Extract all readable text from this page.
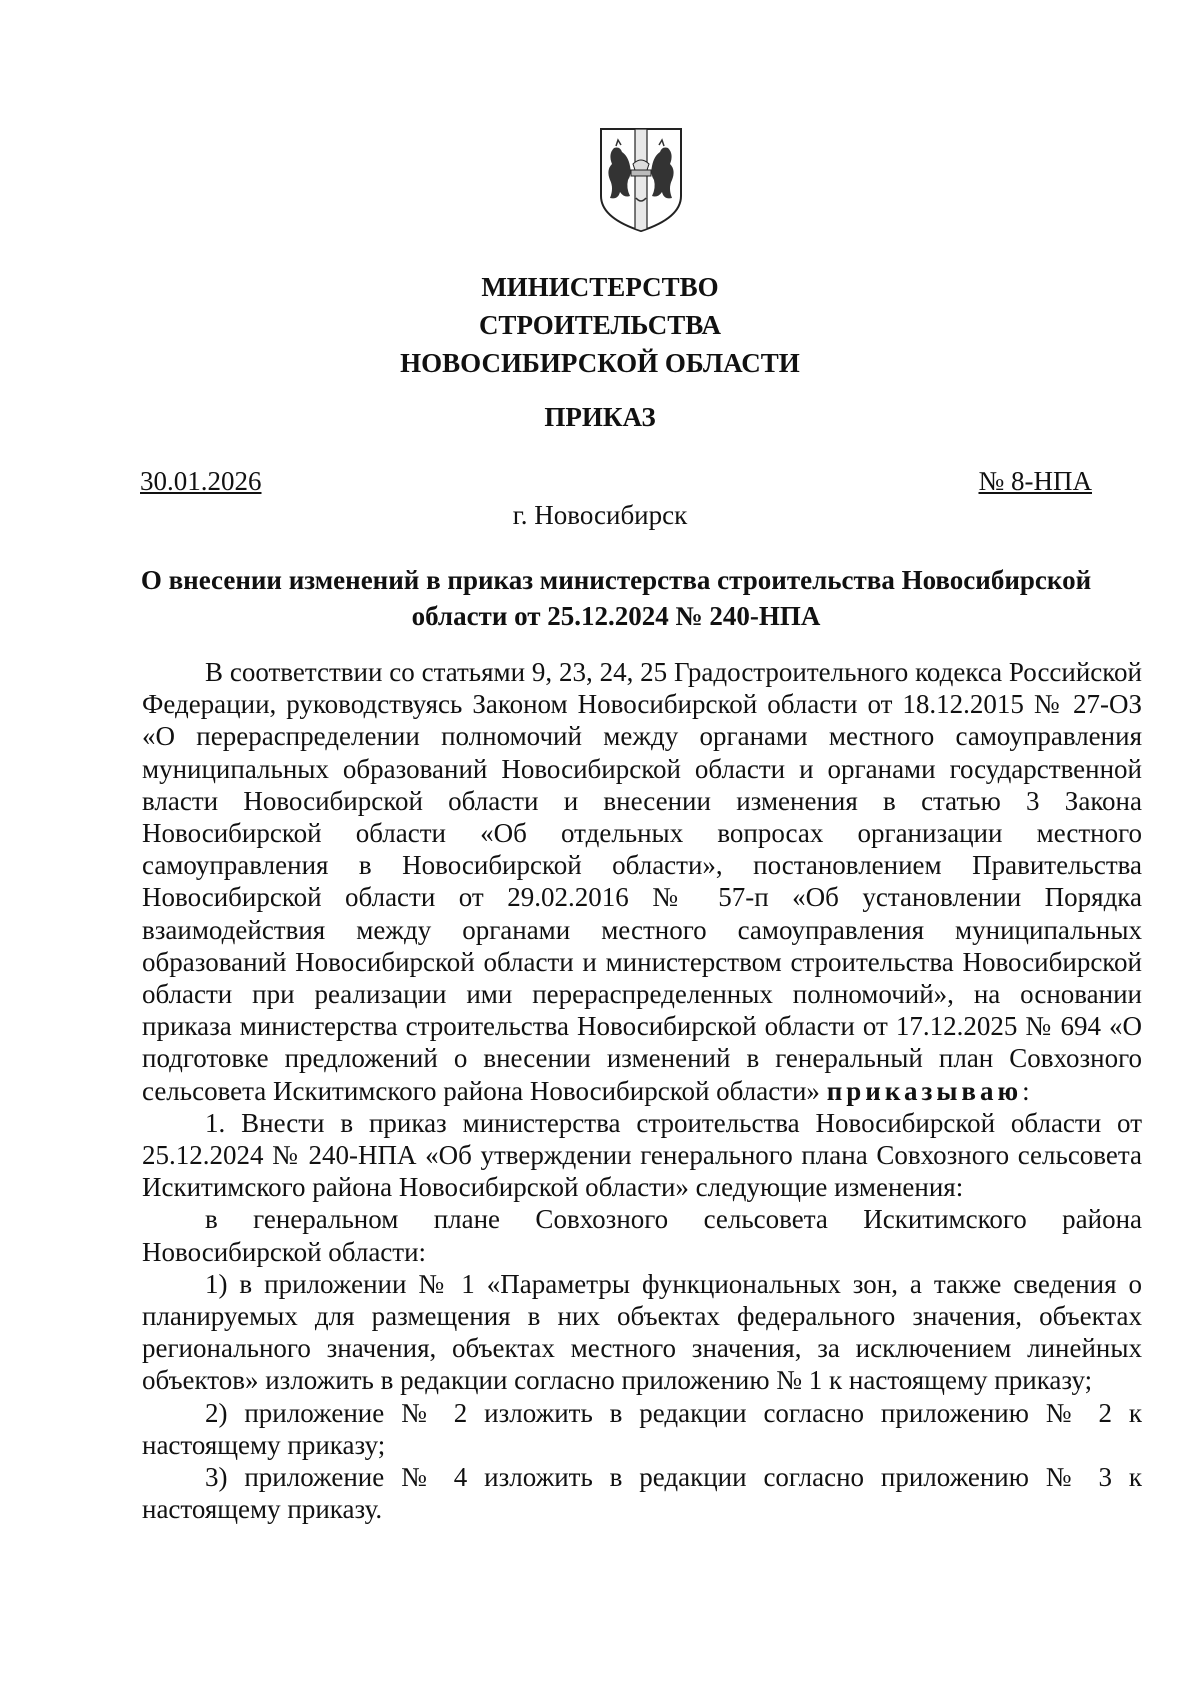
МИНИСТЕРСТВО
СТРОИТЕЛЬСТВА
НОВОСИБИРСКОЙ ОБЛАСТИ
ПРИКАЗ
30.01.2026	№ 8-НПА
г. Новосибирск
О внесении изменений в приказ министерства строительства Новосибирской
области от 25.12.2024 № 240-НПА

В соответствии со статьями 9, 23, 24, 25 Градостроительного кодекса Российской Федерации, руководствуясь Законом Новосибирской области от 18.12.2015 № 27-ОЗ «О перераспределении полномочий между органами местного самоуправления муниципальных образований Новосибирской области и органами государственной власти Новосибирской области и внесении изменения в статью 3 Закона Новосибирской области «Об отдельных вопросах организации местного самоуправления в Новосибирской области», постановлением Правительства Новосибирской области от 29.02.2016 № 57-п «Об установлении Порядка взаимодействия между органами местного самоуправления муниципальных образований Новосибирской области и министерством строительства Новосибирской области при реализации ими перераспределенных полномочий», на основании приказа министерства строительства Новосибирской области от 17.12.2025 № 694 «О подготовке предложений о внесении изменений в генеральный план Совхозного сельсовета Искитимского района Новосибирской области» приказываю:

1. Внести в приказ министерства строительства Новосибирской области от 25.12.2024 № 240-НПА «Об утверждении генерального плана Совхозного сельсовета Искитимского района Новосибирской области» следующие изменения:

в генеральном плане Совхозного сельсовета Искитимского района Новосибирской области:

1) в приложении № 1 «Параметры функциональных зон, а также сведения о планируемых для размещения в них объектах федерального значения, объектах регионального значения, объектах местного значения, за исключением линейных объектов» изложить в редакции согласно приложению № 1 к настоящему приказу;

2) приложение № 2 изложить в редакции согласно приложению № 2 к настоящему приказу;

3) приложение № 4 изложить в редакции согласно приложению № 3 к настоящему приказу.
